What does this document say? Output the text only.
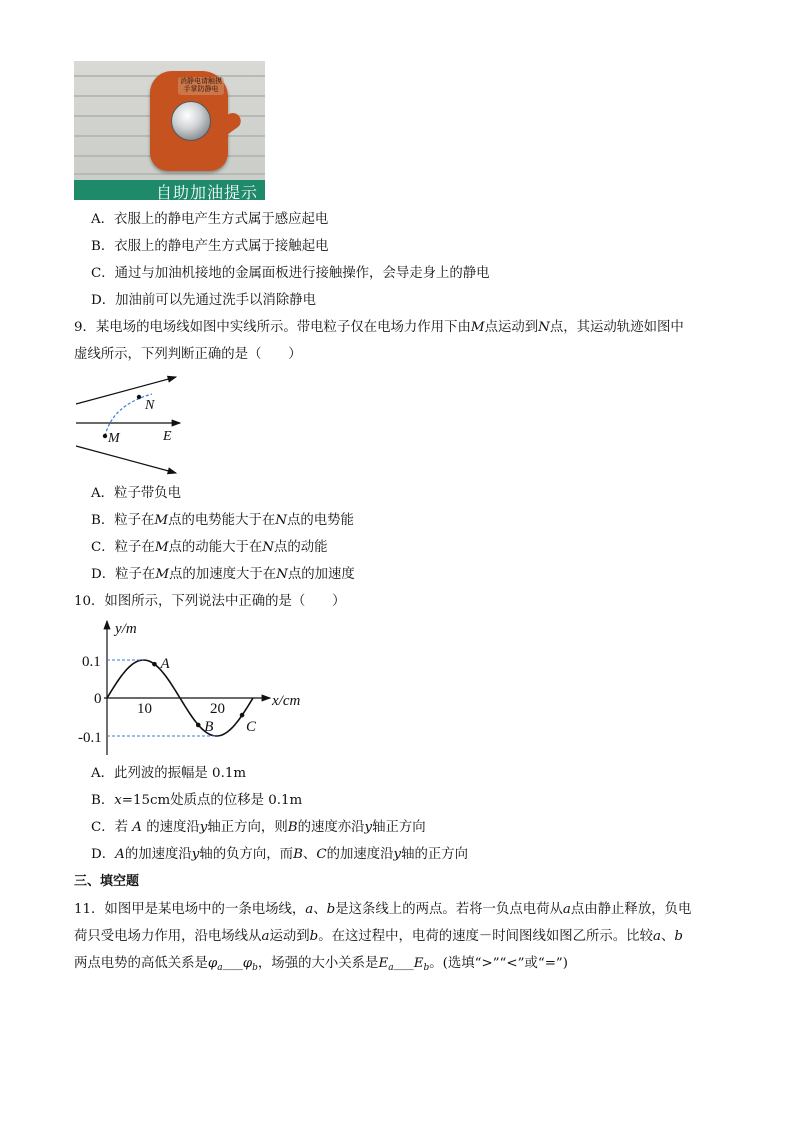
消静电请触摸 手掌防静电
自助加油提示
A．衣服上的静电产生方式属于感应起电
B．衣服上的静电产生方式属于接触起电
C．通过与加油机接地的金属面板进行接触操作，会导走身上的静电
D．加油前可以先通过洗手以消除静电
9．某电场的电场线如图中实线所示。带电粒子仅在电场力作用下由M点运动到N点，其运动轨迹如图中
虚线所示，下列判断正确的是（　　）
N
M	E
A．粒子带负电
B．粒子在M点的电势能大于在N点的电势能
C．粒子在M点的动能大于在N点的动能
D．粒子在M点的加速度大于在N点的加速度
10．如图所示，下列说法中正确的是（　　）
y/m
x/cm
0.1
0
-0.1
10	20
A
B C
A．此列波的振幅是 0.1m
B．x=15cm处质点的位移是 0.1m
C．若 A 的速度沿y轴正方向，则B的速度亦沿y轴正方向
D．A的加速度沿y轴的负方向，而B、C的加速度沿y轴的正方向
三、填空题
11．如图甲是某电场中的一条电场线，a、b是这条线上的两点。若将一负点电荷从a点由静止释放，负电
荷只受电场力作用，沿电场线从a运动到b。在这过程中，电荷的速度－时间图线如图乙所示。比较a、b
两点电势的高低关系是$\varphi_a\_\_\_\varphi_b$，场强的大小关系是$E_a\_\_\_E_b$。(选填“>”“<”或“=”)
